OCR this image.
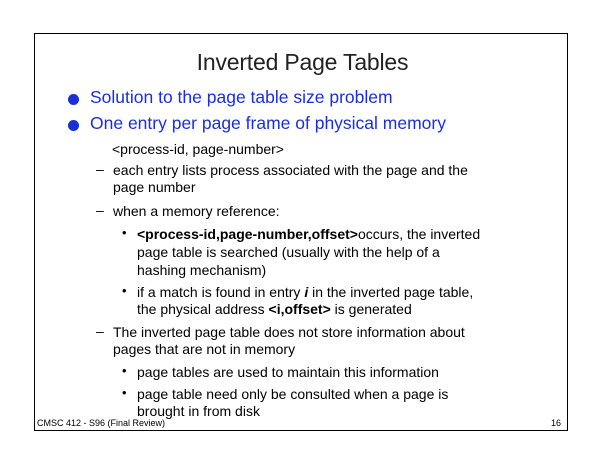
Inverted Page Tables
Solution to the page table size problem
One entry per page frame of physical memory
<process-id, page-number>
– each entry lists process associated with the page and the
page number
– when a memory reference:
• <process-id,page-number,offset>occurs, the inverted
page table is searched (usually with the help of a
hashing mechanism)
• if a match is found in entry i in the inverted page table,
the physical address <i,offset> is generated
– The inverted page table does not store information about
pages that are not in memory
• page tables are used to maintain this information
• page table need only be consulted when a page is
brought in from disk
CMSC 412 - S96 (Final Review)	16
